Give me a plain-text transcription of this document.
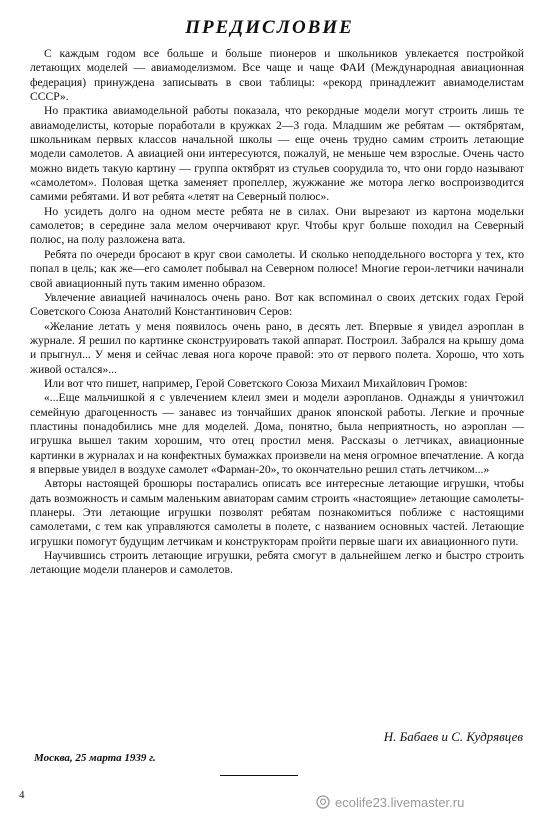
ПРЕДИСЛОВИЕ

С каждым годом все больше и больше пионеров и школьников увлекается постройкой летающих моделей — авиамоделизмом. Все чаще и чаще ФАИ (Международная авиационная федерация) принуждена записывать в свои таблицы: «рекорд принадлежит авиамоделистам СССР».

Но практика авиамодельной работы показала, что рекордные модели могут строить лишь те авиамоделисты, которые поработали в кружках 2—3 года. Младшим же ребятам — октябрятам, школьникам первых классов начальной школы — еще очень трудно самим строить летающие модели самолетов. А авиацией они интересуются, пожалуй, не меньше чем взрослые. Очень часто можно видеть такую картину — группа октябрят из стульев соорудила то, что они гордо называют «самолетом». Половая щетка заменяет пропеллер, жужжание же мотора легко воспроизводится самими ребятами. И вот ребята «летят на Северный полюс».

Но усидеть долго на одном месте ребята не в силах. Они вырезают из картона модельки самолетов; в середине зала мелом очерчивают круг. Чтобы круг больше походил на Северный полюс, на полу разложена вата.

Ребята по очереди бросают в круг свои самолеты. И сколько неподдельного восторга у тех, кто попал в цель; как же—его самолет побывал на Северном полюсе! Многие герои-летчики начинали свой авиационный путь таким именно образом.

Увлечение авиацией начиналось очень рано. Вот как вспоминал о своих детских годах Герой Советского Союза Анатолий Константинович Серов:

«Желание летать у меня появилось очень рано, в десять лет. Впервые я увидел аэроплан в журнале. Я решил по картинке сконструировать такой аппарат. Построил. Забрался на крышу дома и прыгнул... У меня и сейчас левая нога короче правой: это от первого полета. Хорошо, что хоть живой остался»...

Или вот что пишет, например, Герой Советского Союза Михаил Михайлович Громов:

«...Еще мальчишкой я с увлечением клеил змеи и модели аэропланов. Однажды я уничтожил семейную драгоценность — занавес из тончайших дранок японской работы. Легкие и прочные пластины понадобились мне для моделей. Дома, понятно, была неприятность, но аэроплан — игрушка вышел таким хорошим, что отец простил меня. Рассказы о летчиках, авиационные картинки в журналах и на конфектных бумажках произвели на меня огромное впечатление. А когда я впервые увидел в воздухе самолет «Фарман-20», то окончательно решил стать летчиком...»

Авторы настоящей брошюры постарались описать все интересные летающие игрушки, чтобы дать возможность и самым маленьким авиаторам самим строить «настоящие» летающие самолеты-планеры. Эти летающие игрушки позволят ребятам познакомиться поближе с настоящими самолетами, с тем как управляются самолеты в полете, с названием основных частей. Летающие игрушки помогут будущим летчикам и конструкторам пройти первые шаги их авиационного пути.

Научившись строить летающие игрушки, ребята смогут в дальнейшем легко и быстро строить летающие модели планеров и самолетов.

Н. Бабаев и С. Кудрявцев
Москва, 25 марта 1939 г.
4	ecolife23.livemaster.ru
